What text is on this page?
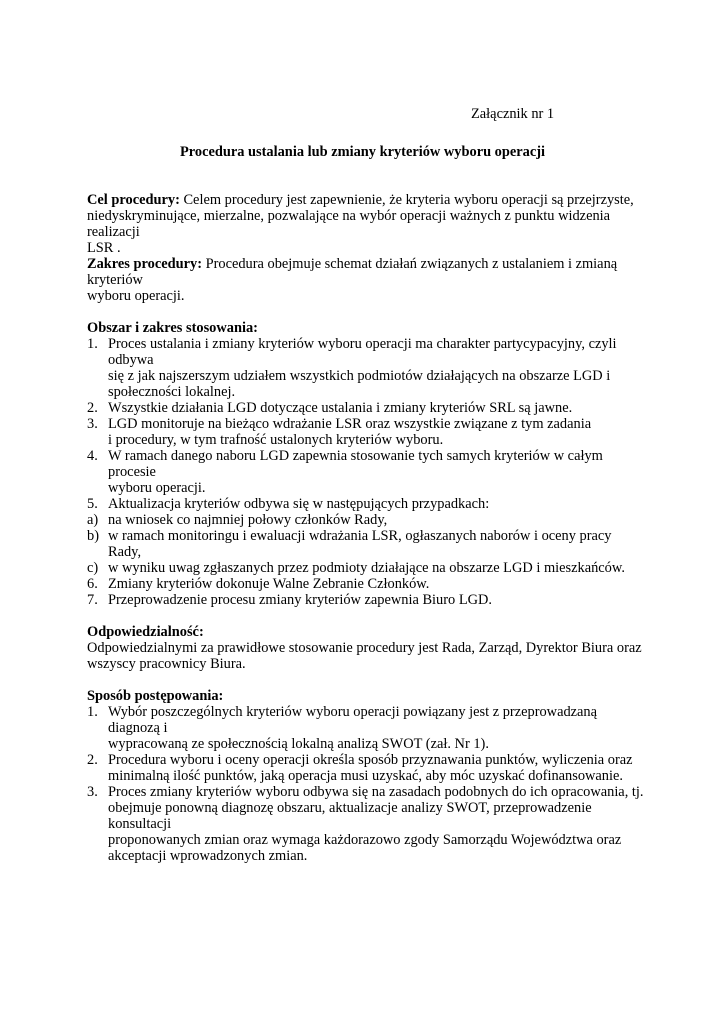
Załącznik nr 1
Procedura ustalania lub zmiany kryteriów wyboru operacji
Cel procedury: Celem procedury jest zapewnienie, że kryteria wyboru operacji są przejrzyste,
niedyskryminujące, mierzalne, pozwalające na wybór operacji ważnych z punktu widzenia realizacji
LSR .
Zakres procedury: Procedura obejmuje schemat działań związanych z ustalaniem i zmianą kryteriów
wyboru operacji.
Obszar i zakres stosowania:
1. Proces ustalania i zmiany kryteriów wyboru operacji ma charakter partycypacyjny, czyli odbywa
się z jak najszerszym udziałem wszystkich podmiotów działających na obszarze LGD i
społeczności lokalnej.
2. Wszystkie działania LGD dotyczące ustalania i zmiany kryteriów SRL są jawne.
3. LGD monitoruje na bieżąco wdrażanie LSR oraz wszystkie związane z tym zadania
i procedury, w tym trafność ustalonych kryteriów wyboru.
4. W ramach danego naboru LGD zapewnia stosowanie tych samych kryteriów w całym procesie
wyboru operacji.
5. Aktualizacja kryteriów odbywa się w następujących przypadkach:
a) na wniosek co najmniej połowy członków Rady,
b) w ramach monitoringu i ewaluacji wdrażania LSR, ogłaszanych naborów i oceny pracy Rady,
c) w wyniku uwag zgłaszanych przez podmioty działające na obszarze LGD i mieszkańców.
6. Zmiany kryteriów dokonuje Walne Zebranie Członków.
7. Przeprowadzenie procesu zmiany kryteriów zapewnia Biuro LGD.
Odpowiedzialność:
Odpowiedzialnymi za prawidłowe stosowanie procedury jest Rada, Zarząd, Dyrektor Biura oraz
wszyscy pracownicy Biura.
Sposób postępowania:
1. Wybór poszczególnych kryteriów wyboru operacji powiązany jest z przeprowadzaną diagnozą i
wypracowaną ze społecznością lokalną analizą SWOT (zał. Nr 1).
2. Procedura wyboru i oceny operacji określa sposób przyznawania punktów, wyliczenia oraz
minimalną ilość punktów, jaką operacja musi uzyskać, aby móc uzyskać dofinansowanie.
3. Proces zmiany kryteriów wyboru odbywa się na zasadach podobnych do ich opracowania, tj.
obejmuje ponowną diagnozę obszaru, aktualizacje analizy SWOT, przeprowadzenie konsultacji
proponowanych zmian oraz wymaga każdorazowo zgody Samorządu Województwa oraz
akceptacji wprowadzonych zmian.
